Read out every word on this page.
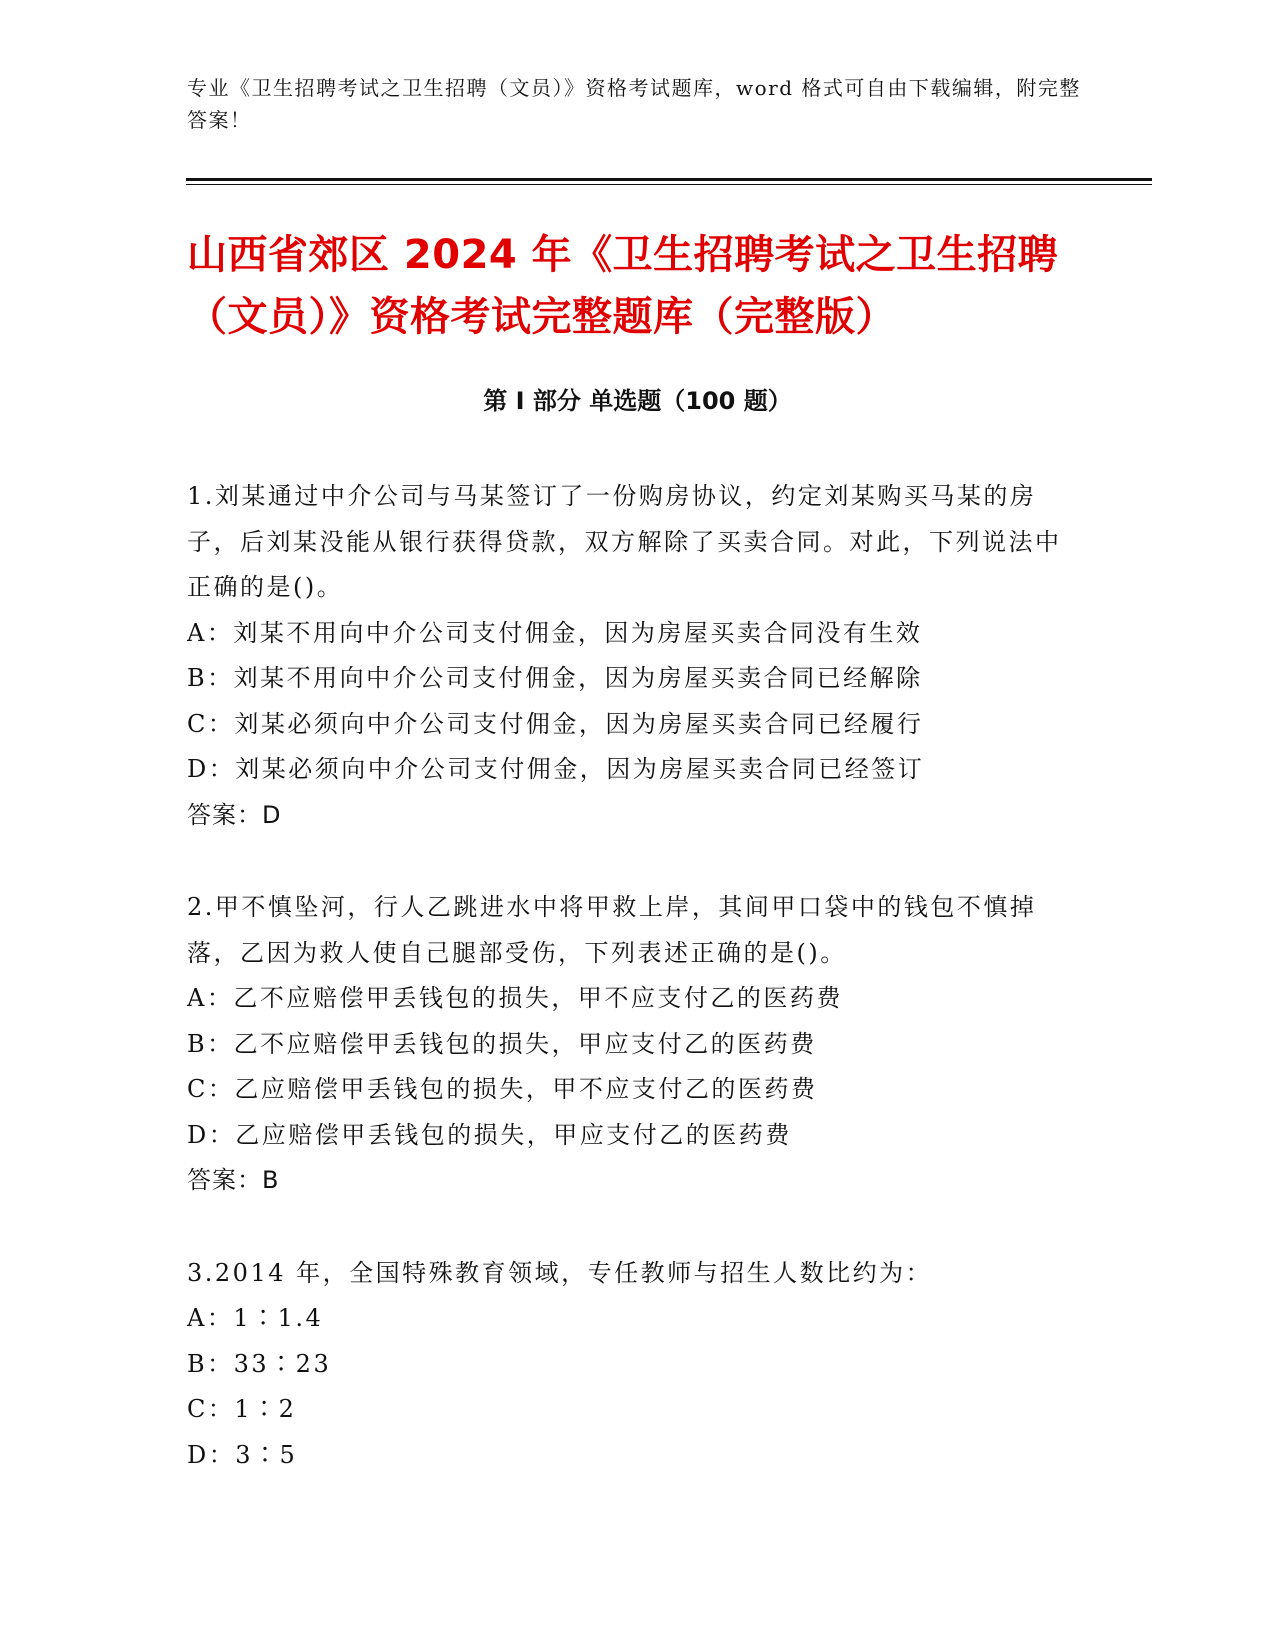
专业《卫生招聘考试之卫生招聘（文员）》资格考试题库，word 格式可自由下载编辑，附完整答案！
山西省郊区 2024 年《卫生招聘考试之卫生招聘（文员）》资格考试完整题库（完整版）
第 I 部分 单选题（100 题）
1.刘某通过中介公司与马某签订了一份购房协议，约定刘某购买马某的房子，后刘某没能从银行获得贷款，双方解除了买卖合同。对此，下列说法中正确的是()。
A：刘某不用向中介公司支付佣金，因为房屋买卖合同没有生效
B：刘某不用向中介公司支付佣金，因为房屋买卖合同已经解除
C：刘某必须向中介公司支付佣金，因为房屋买卖合同已经履行
D：刘某必须向中介公司支付佣金，因为房屋买卖合同已经签订
答案：D
2.甲不慎坠河，行人乙跳进水中将甲救上岸，其间甲口袋中的钱包不慎掉落，乙因为救人使自己腿部受伤，下列表述正确的是()。
A：乙不应赔偿甲丢钱包的损失，甲不应支付乙的医药费
B：乙不应赔偿甲丢钱包的损失，甲应支付乙的医药费
C：乙应赔偿甲丢钱包的损失，甲不应支付乙的医药费
D：乙应赔偿甲丢钱包的损失，甲应支付乙的医药费
答案：B
3.2014 年，全国特殊教育领域，专任教师与招生人数比约为：
A：1∶1.4
B：33∶23
C：1∶2
D：3∶5
